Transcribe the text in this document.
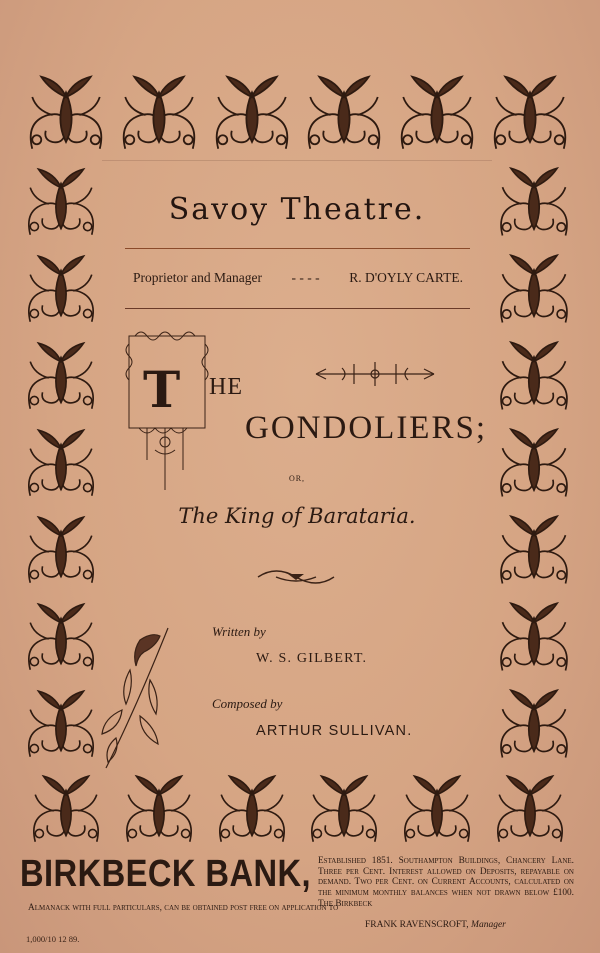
Savoy Theatre.
Proprietor and Manager - - - - R. D'OYLY CARTE.
T HE
GONDOLIERS;
OR,
The King of Barataria.
Written by
W. S. GILBERT.
Composed by
ARTHUR SULLIVAN.
BIRKBECK BANK, Established 1851. Southampton Buildings, Chancery Lane. Three per Cent. Interest allowed on Deposits, repayable on demand. Two per Cent. on Current Accounts, calculated on the minimum monthly balances when not drawn below £100. The Birkbeck
Almanack with full particulars, can be obtained post free on application to
FRANK RAVENSCROFT, Manager
1,000/10 12 89.
